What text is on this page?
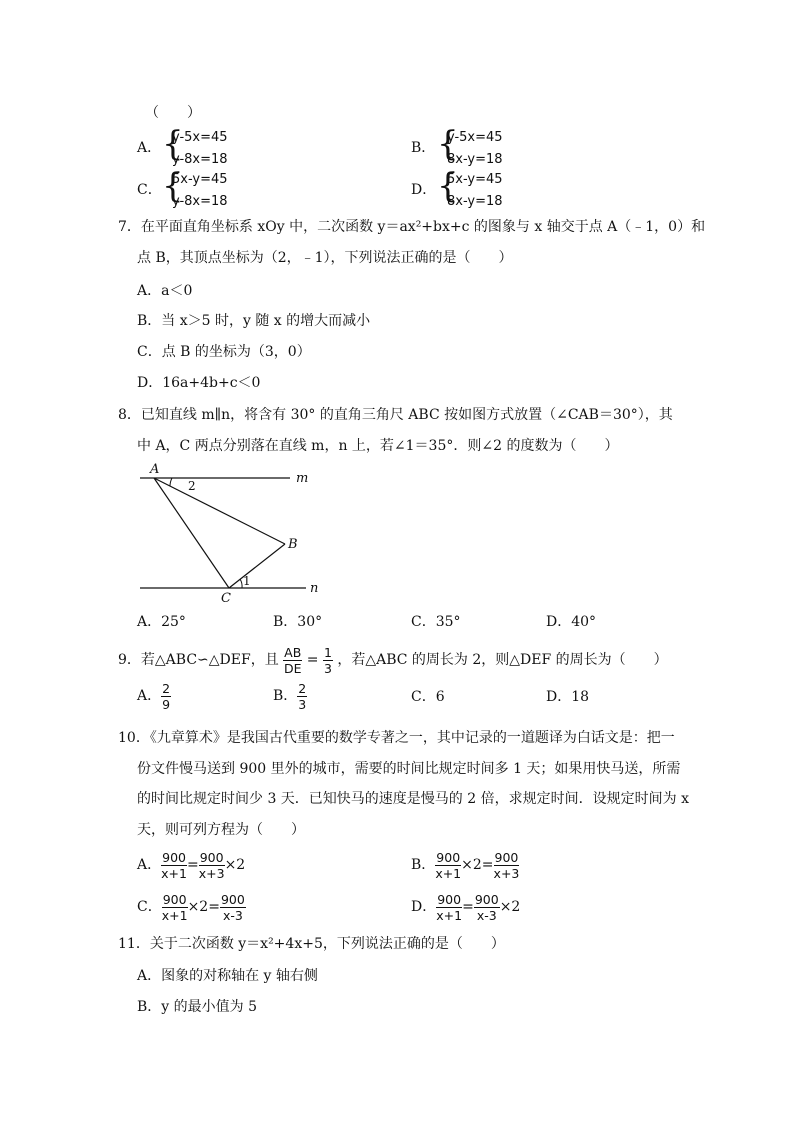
（　　）
A． {
y-5x=45
y-8x=18
B． {
y-5x=45
8x-y=18
C． {
5x-y=45
y-8x=18
D． {
5x-y=45
8x-y=18
7．在平面直角坐标系 xOy 中，二次函数 y＝ax²+bx+c 的图象与 x 轴交于点 A（﹣1，0）和
点 B，其顶点坐标为（2，﹣1），下列说法正确的是（　　）
A．a＜0
B．当 x＞5 时，y 随 x 的增大而减小
C．点 B 的坐标为（3，0）
D．16a+4b+c＜0
8．已知直线 m∥n，将含有 30° 的直角三角尺 ABC 按如图方式放置（∠CAB＝30°），其
中 A，C 两点分别落在直线 m，n 上，若∠1＝35°．则∠2 的度数为（　　）
A
2	m
B
1
C
n
A．25°	B．30°	C．35°	D．40°
9．若△ABC∽△DEF，且 $\frac{AB}{DE} = \frac{1}{3}$ ，若△ABC 的周长为 2，则△DEF 的周长为（　　）
A． $\frac{2}{9}$	B． $\frac{2}{3}$	C．6	D．18
10．《九章算术》是我国古代重要的数学专著之一，其中记录的一道题译为白话文是：把一
份文件慢马送到 900 里外的城市，需要的时间比规定时间多 1 天；如果用快马送，所需
的时间比规定时间少 3 天．已知快马的速度是慢马的 2 倍，求规定时间．设规定时间为 x
天，则可列方程为（　　）
A． $\frac{900}{x+1} = \frac{900}{x+3} \times 2$	B． $\frac{900}{x+1} \times 2= \frac{900}{x+3}$
C． $\frac{900}{x+1} \times 2= \frac{900}{x-3}$	D． $\frac{900}{x+1} = \frac{900}{x-3} \times 2$
11．关于二次函数 y＝x²+4x+5，下列说法正确的是（　　）
A．图象的对称轴在 y 轴右侧
B．y 的最小值为 5
